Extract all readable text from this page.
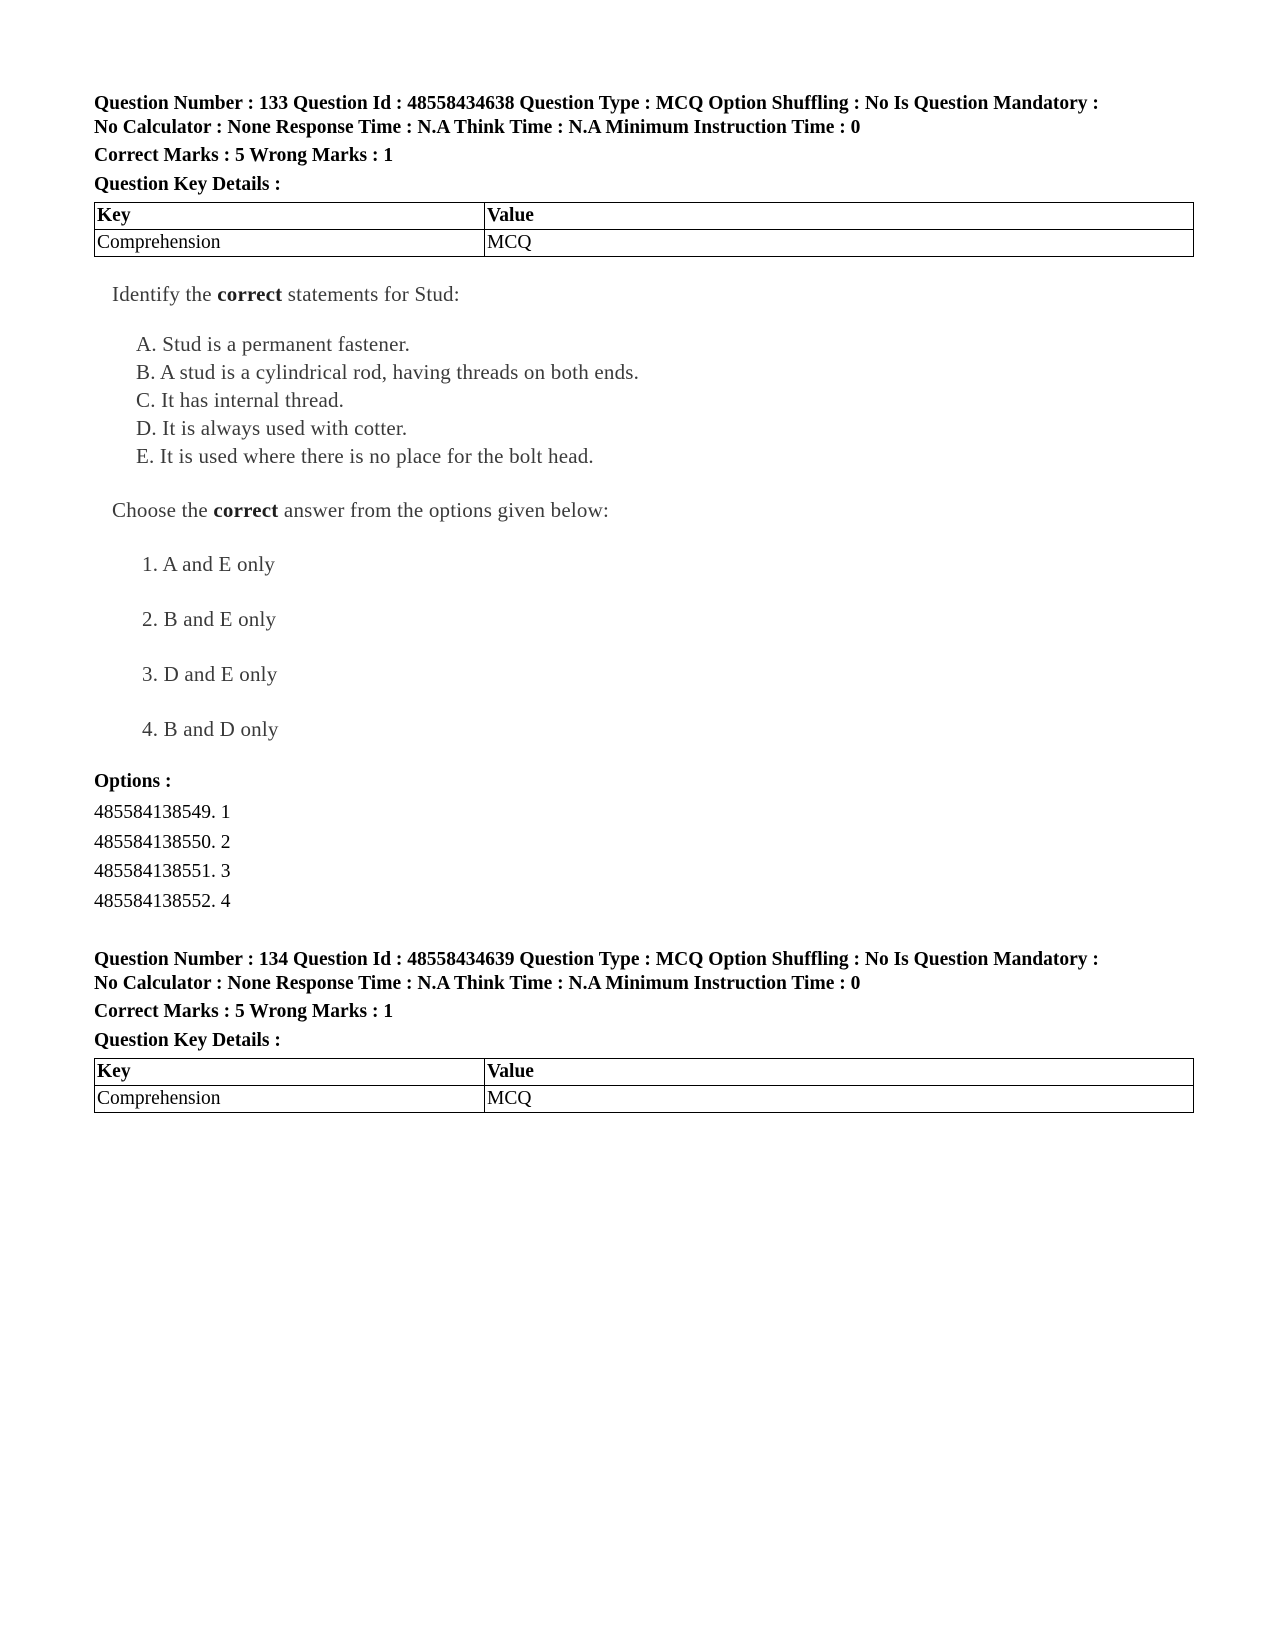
Question Number : 133 Question Id : 48558434638 Question Type : MCQ Option Shuffling : No Is Question Mandatory :
No Calculator : None Response Time : N.A Think Time : N.A Minimum Instruction Time : 0
Correct Marks : 5 Wrong Marks : 1
Question Key Details :
Key	Value
Comprehension	MCQ
Identify the correct statements for Stud:
A. Stud is a permanent fastener.
B. A stud is a cylindrical rod, having threads on both ends.
C. It has internal thread.
D. It is always used with cotter.
E. It is used where there is no place for the bolt head.
Choose the correct answer from the options given below:
1. A and E only
2. B and E only
3. D and E only
4. B and D only
Options :
485584138549. 1
485584138550. 2
485584138551. 3
485584138552. 4
Question Number : 134 Question Id : 48558434639 Question Type : MCQ Option Shuffling : No Is Question Mandatory :
No Calculator : None Response Time : N.A Think Time : N.A Minimum Instruction Time : 0
Correct Marks : 5 Wrong Marks : 1
Question Key Details :
Key	Value
Comprehension	MCQ
